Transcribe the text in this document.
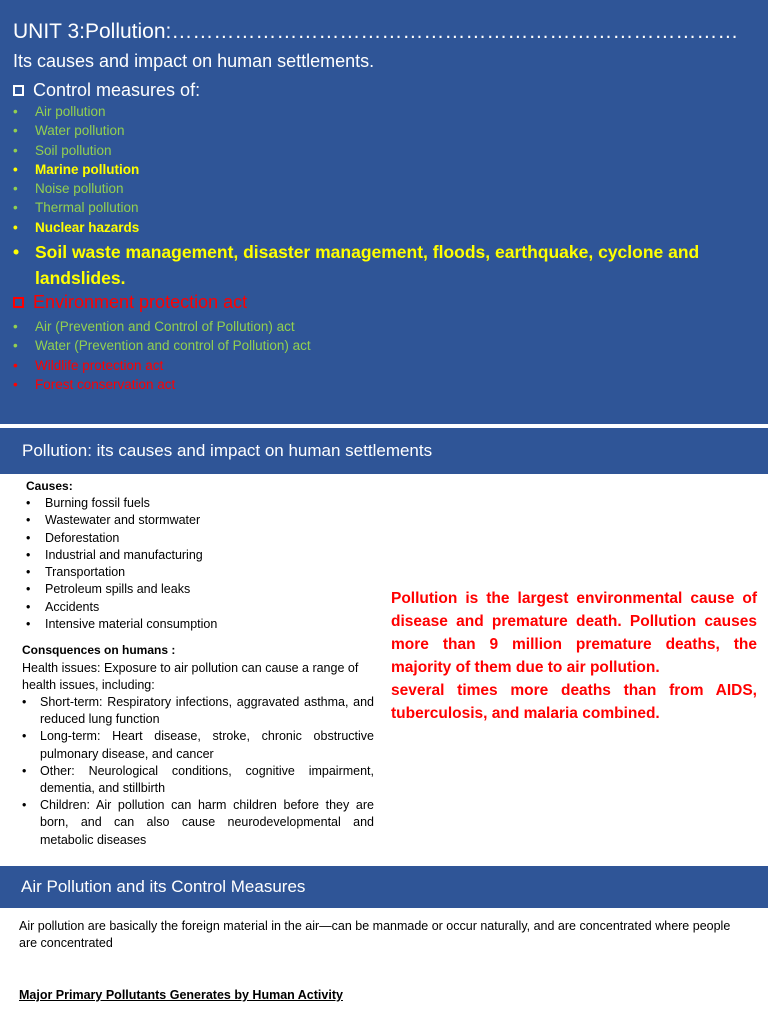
UNIT 3:Pollution:………………………………………………………………………
Its causes and impact on human settlements.
Control measures of:
• Air pollution
• Water pollution
• Soil pollution
• Marine pollution
• Noise pollution
• Thermal pollution
• Nuclear hazards
• Soil waste management, disaster management, floods, earthquake, cyclone and landslides.
Environment protection act
• Air (Prevention and Control of Pollution) act
• Water (Prevention and control of Pollution) act
• Wildlife protection act
• Forest conservation act
Pollution: its causes and impact on human settlements
Causes:
• Burning fossil fuels
• Wastewater and stormwater
• Deforestation
• Industrial and manufacturing
• Transportation
• Petroleum spills and leaks
• Accidents
• Intensive material consumption
Consquences on humans :
Health issues: Exposure to air pollution can cause a range of health issues, including:
• Short-term: Respiratory infections, aggravated asthma, and reduced lung function
• Long-term: Heart disease, stroke, chronic obstructive pulmonary disease, and cancer
• Other: Neurological conditions, cognitive impairment, dementia, and stillbirth
• Children: Air pollution can harm children before they are born, and can also cause neurodevelopmental and metabolic diseases

Pollution is the largest environmental cause of disease and premature death. Pollution causes more than 9 million premature deaths, the majority of them due to air pollution.

several times more deaths than from AIDS, tuberculosis, and malaria combined.

Air Pollution and its Control Measures
Air pollution are basically the foreign material in the air—can be manmade or occur naturally, and are concentrated where people are concentrated
Major Primary Pollutants Generates by Human Activity
